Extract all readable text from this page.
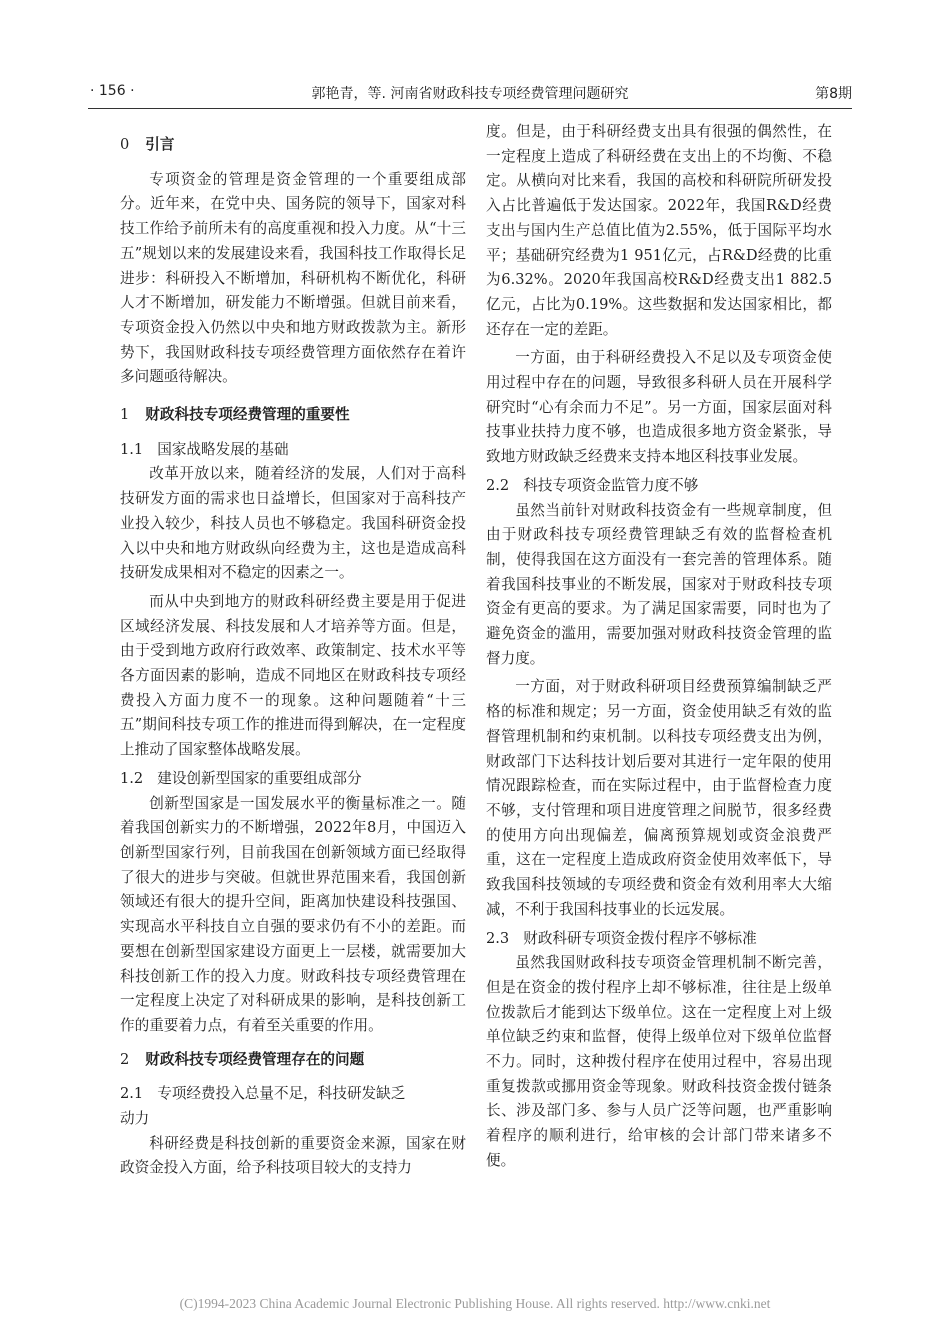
· 156 ·	郭艳青，等. 河南省财政科技专项经费管理问题研究	第8期
0 引言

专项资金的管理是资金管理的一个重要组成部分。近年来，在党中央、国务院的领导下，国家对科技工作给予前所未有的高度重视和投入力度。从“十三五”规划以来的发展建设来看，我国科技工作取得长足进步：科研投入不断增加，科研机构不断优化，科研人才不断增加，研发能力不断增强。但就目前来看，专项资金投入仍然以中央和地方财政拨款为主。新形势下，我国财政科技专项经费管理方面依然存在着许多问题亟待解决。

1 财政科技专项经费管理的重要性
1.1 国家战略发展的基础

改革开放以来，随着经济的发展，人们对于高科技研发方面的需求也日益增长，但国家对于高科技产业投入较少，科技人员也不够稳定。我国科研资金投入以中央和地方财政纵向经费为主，这也是造成高科技研发成果相对不稳定的因素之一。

而从中央到地方的财政科研经费主要是用于促进区域经济发展、科技发展和人才培养等方面。但是，由于受到地方政府行政效率、政策制定、技术水平等各方面因素的影响，造成不同地区在财政科技专项经费投入方面力度不一的现象。这种问题随着“十三五”期间科技专项工作的推进而得到解决，在一定程度上推动了国家整体战略发展。

1.2 建设创新型国家的重要组成部分

创新型国家是一国发展水平的衡量标准之一。随着我国创新实力的不断增强，2022年8月，中国迈入创新型国家行列，目前我国在创新领域方面已经取得了很大的进步与突破。但就世界范围来看，我国创新领域还有很大的提升空间，距离加快建设科技强国、实现高水平科技自立自强的要求仍有不小的差距。而要想在创新型国家建设方面更上一层楼，就需要加大科技创新工作的投入力度。财政科技专项经费管理在一定程度上决定了对科研成果的影响，是科技创新工作的重要着力点，有着至关重要的作用。

2 财政科技专项经费管理存在的问题
2.1 专项经费投入总量不足，科技研发缺乏
动力

科研经费是科技创新的重要资金来源，国家在财政资金投入方面，给予科技项目较大的支持力

度。但是，由于科研经费支出具有很强的偶然性，在一定程度上造成了科研经费在支出上的不均衡、不稳定。从横向对比来看，我国的高校和科研院所研发投入占比普遍低于发达国家。2022年，我国R&D经费支出与国内生产总值比值为2.55%，低于国际平均水平；基础研究经费为1 951亿元，占R&D经费的比重为6.32%。2020年我国高校R&D经费支出1 882.5亿元，占比为0.19%。这些数据和发达国家相比，都还存在一定的差距。

一方面，由于科研经费投入不足以及专项资金使用过程中存在的问题，导致很多科研人员在开展科学研究时“心有余而力不足”。另一方面，国家层面对科技事业扶持力度不够，也造成很多地方资金紧张，导致地方财政缺乏经费来支持本地区科技事业发展。

2.2 科技专项资金监管力度不够

虽然当前针对财政科技资金有一些规章制度，但由于财政科技专项经费管理缺乏有效的监督检查机制，使得我国在这方面没有一套完善的管理体系。随着我国科技事业的不断发展，国家对于财政科技专项资金有更高的要求。为了满足国家需要，同时也为了避免资金的滥用，需要加强对财政科技资金管理的监督力度。

一方面，对于财政科研项目经费预算编制缺乏严格的标准和规定；另一方面，资金使用缺乏有效的监督管理机制和约束机制。以科技专项经费支出为例，财政部门下达科技计划后要对其进行一定年限的使用情况跟踪检查，而在实际过程中，由于监督检查力度不够，支付管理和项目进度管理之间脱节，很多经费的使用方向出现偏差，偏离预算规划或资金浪费严重，这在一定程度上造成政府资金使用效率低下，导致我国科技领域的专项经费和资金有效利用率大大缩减，不利于我国科技事业的长远发展。

2.3 财政科研专项资金拨付程序不够标准

虽然我国财政科技专项资金管理机制不断完善，但是在资金的拨付程序上却不够标准，往往是上级单位拨款后才能到达下级单位。这在一定程度上对上级单位缺乏约束和监督，使得上级单位对下级单位监督不力。同时，这种拨付程序在使用过程中，容易出现重复拨款或挪用资金等现象。财政科技资金拨付链条长、涉及部门多、参与人员广泛等问题，也严重影响着程序的顺利进行，给审核的会计部门带来诸多不便。

(C)1994-2023 China Academic Journal Electronic Publishing House. All rights reserved. http://www.cnki.net
